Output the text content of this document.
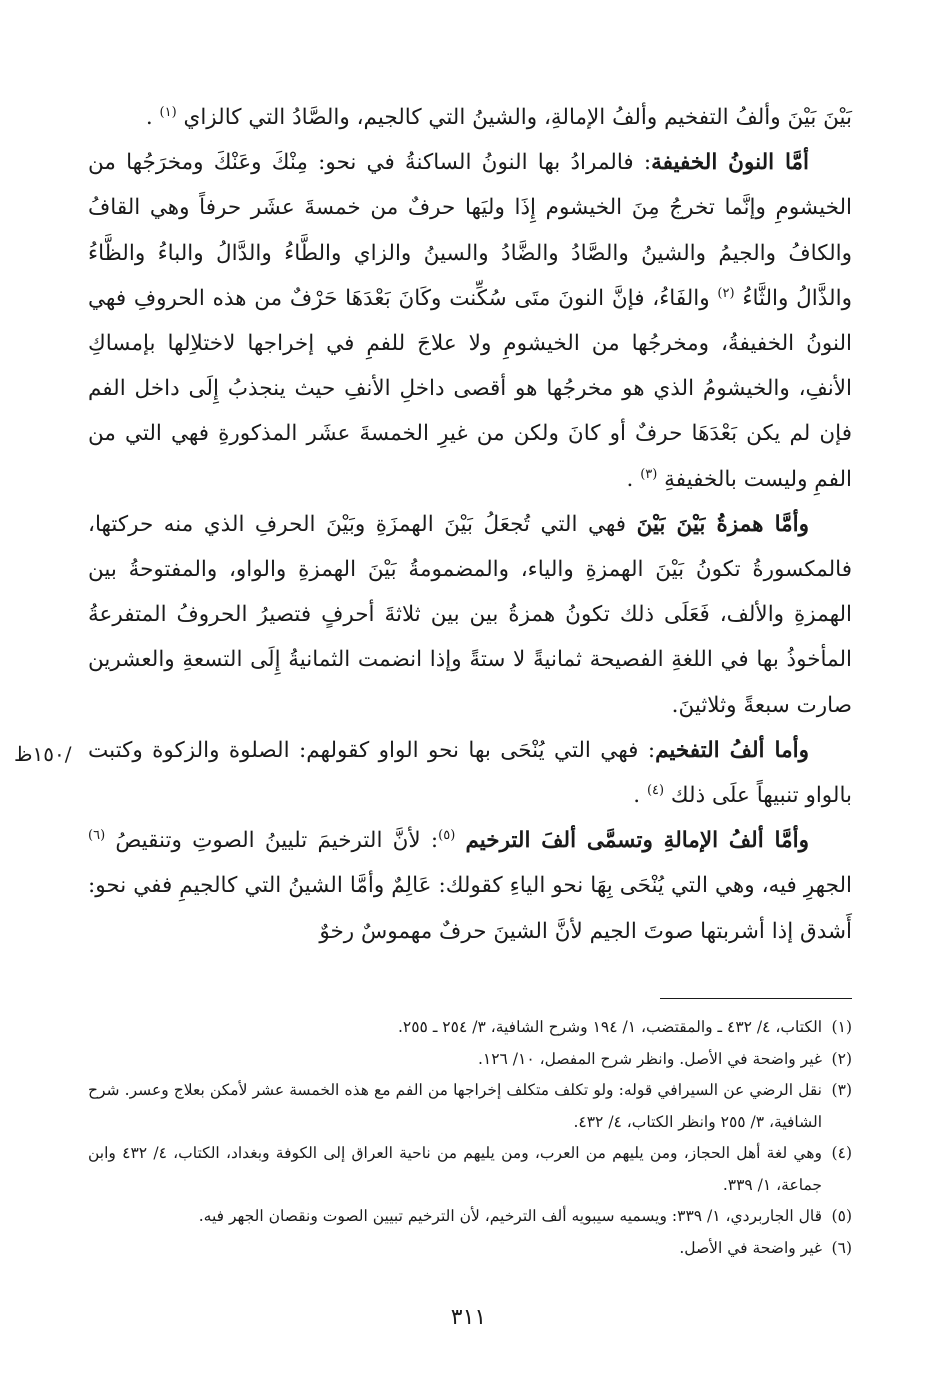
بَيْنَ بَيْنَ وألفُ التفخيم وألفُ الإمالةِ، والشينُ التي كالجيم، والصَّادُ التي كالزاي $^{(١)}$ .

  أمَّا النونُ الخفيفة: فالمرادُ بها النونُ الساكنةُ في نحو: مِنْكَ وعَنْكَ ومخرَجُها من الخيشومِ وإنَّما تخرجُ مِنَ الخيشوم إِذَا وليَها حرفٌ من خمسةَ عشَر حرفاً وهي القافُ والكافُ والجيمُ والشينُ والصَّادُ والضَّادُ والسينُ والزاي والطَّاءُ والدَّالُ والباءُ والظَّاءُ والذَّالُ والثَّاءُ $^{(٢)}$ والفَاءُ، فإنَّ النونَ متَى سُكِّنت وكَانَ بَعْدَهَا حَرْفٌ من هذه الحروفِ فهي النونُ الخفيفةُ، ومخرجُها من الخيشومِ ولا علاجَ للفمِ في إخراجها لاختلاِلها بإمساكِ الأنفِ، والخيشومُ الذي هو مخرجُها هو أقصى داخلِ الأنفِ حيث ينجذبُ إِلَى داخل الفم فإن لم يكن بَعْدَهَا حرفٌ أو كانَ ولكن من غيرِ الخمسةَ عشَر المذكورةِ فهي التي من الفمِ وليست بالخفيفةِ $^{(٣)}$ .

  وأمَّا همزةُ بَيْنَ بَيْنَ فهي التي تُجعَلُ بَيْنَ الهمزَةِ وبَيْنَ الحرفِ الذي منه حركتها، فالمكسورةُ تكونُ بَيْنَ الهمزةِ والياء، والمضمومةُ بَيْنَ الهمزةِ والواو، والمفتوحةُ بين الهمزةِ والألف، فَعَلَى ذلك تكونُ همزةُ بين بين ثلاثةَ أحرفٍ فتصيرُ الحروفُ المتفرعةُ المأخوذُ بها في اللغةِ الفصيحة ثمانيةً لا ستةً وإذا انضمت الثمانيةُ إِلَى التسعةِ والعشرين صارت سبعةً وثلاثينَ.

  وأما ألفُ التفخيم: فهي التي يُنْحَى بها نحو الواو كقولهم: الصلوة والزكوة وكتبت بالواو تنبيهاً علَى ذلك $^{(٤)}$ .

  وأمَّا ألفُ الإمالةِ وتسمَّى ألفَ الترخيم $^{(٥)}$: لأنَّ الترخيمَ تليينُ الصوتِ وتنقيصُ $^{(٦)}$ الجهرِ فيه، وهي التي يُنْحَى بِهَا نحو الياءِ كقولك: عَالِمٌ وأمَّا الشينُ التي كالجيمِ ففي نحو: أَشدق إذا أشربتها صوتَ الجيم لأنَّ الشينَ حرفٌ مهموسٌ رخوٌ

/١٥٠ظ
(١)
الكتاب، ٤/ ٤٣٢ ـ والمقتضب، ١/ ١٩٤ وشرح الشافية، ٣/ ٢٥٤ ـ ٢٥٥.
(٢)
غير واضحة في الأصل. وانظر شرح المفصل، ١٠/ ١٢٦.
(٣)
نقل الرضي عن السيرافي قوله: ولو تكلف متكلف إخراجها من الفم مع هذه الخمسة عشر لأمكن بعلاج وعسر. شرح الشافية، ٣/ ٢٥٥ وانظر الكتاب، ٤/ ٤٣٢.
(٤)
وهي لغة أهل الحجاز، ومن يليهم من العرب، ومن يليهم من ناحية العراق إلى الكوفة وبغداد، الكتاب، ٤/ ٤٣٢ وابن جماعة، ١/ ٣٣٩.
(٥)
قال الجاربردي، ١/ ٣٣٩: ويسميه سيبويه ألف الترخيم، لأن الترخيم تبيين الصوت ونقصان الجهر فيه.
(٦)
غير واضحة في الأصل.
٣١١
